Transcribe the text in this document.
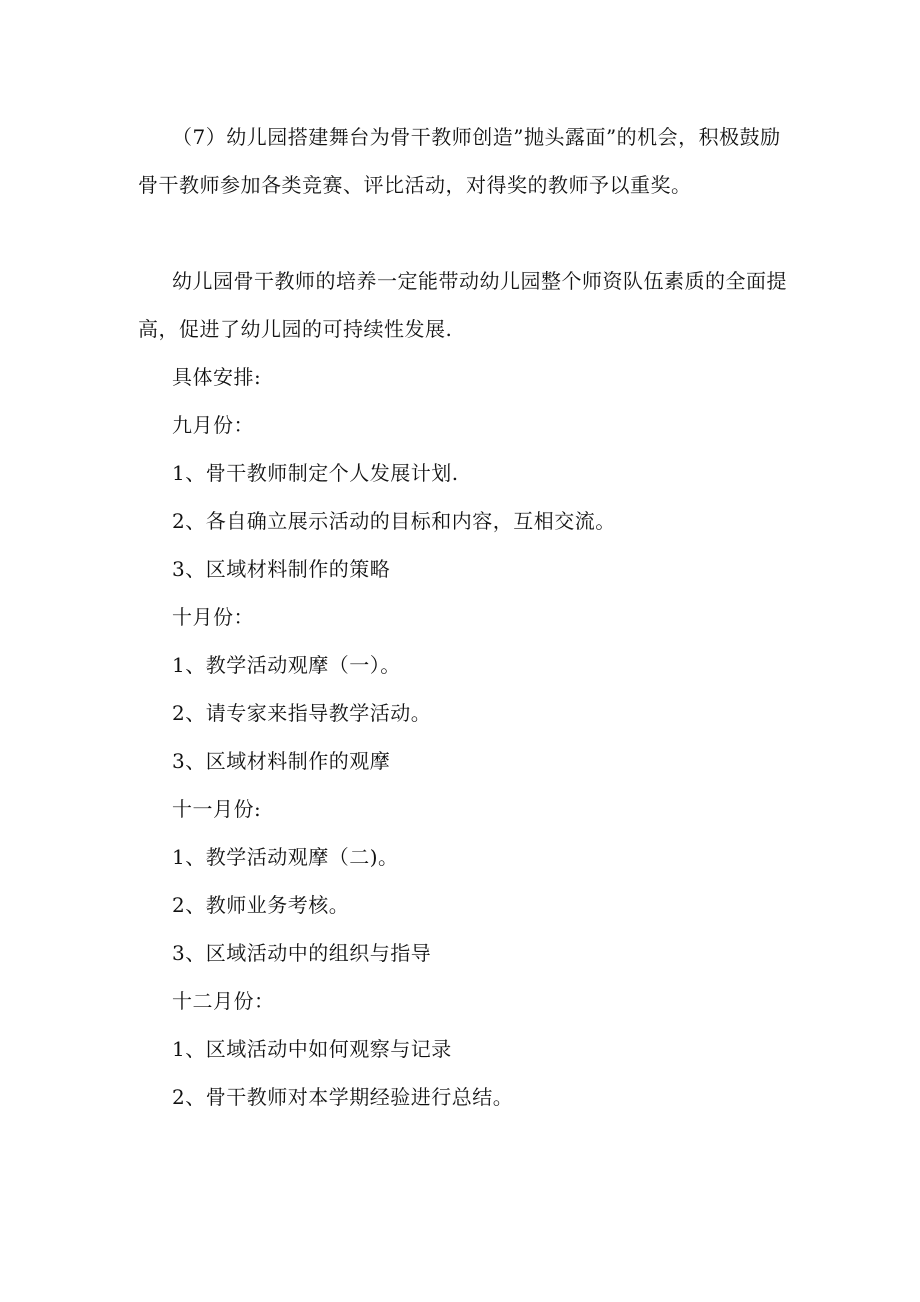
（7）幼儿园搭建舞台为骨干教师创造”抛头露面”的机会，积极鼓励骨干教师参加各类竞赛、评比活动，对得奖的教师予以重奖。

幼儿园骨干教师的培养一定能带动幼儿园整个师资队伍素质的全面提高，促进了幼儿园的可持续性发展.

具体安排:

九月份：

1、骨干教师制定个人发展计划.

2、各自确立展示活动的目标和内容，互相交流。

3、区域材料制作的策略

十月份：

1、教学活动观摩（一）。

2、请专家来指导教学活动。

3、区域材料制作的观摩

十一月份:

1、教学活动观摩（二)。

2、教师业务考核。

3、区域活动中的组织与指导

十二月份：

1、区域活动中如何观察与记录

2、骨干教师对本学期经验进行总结。
